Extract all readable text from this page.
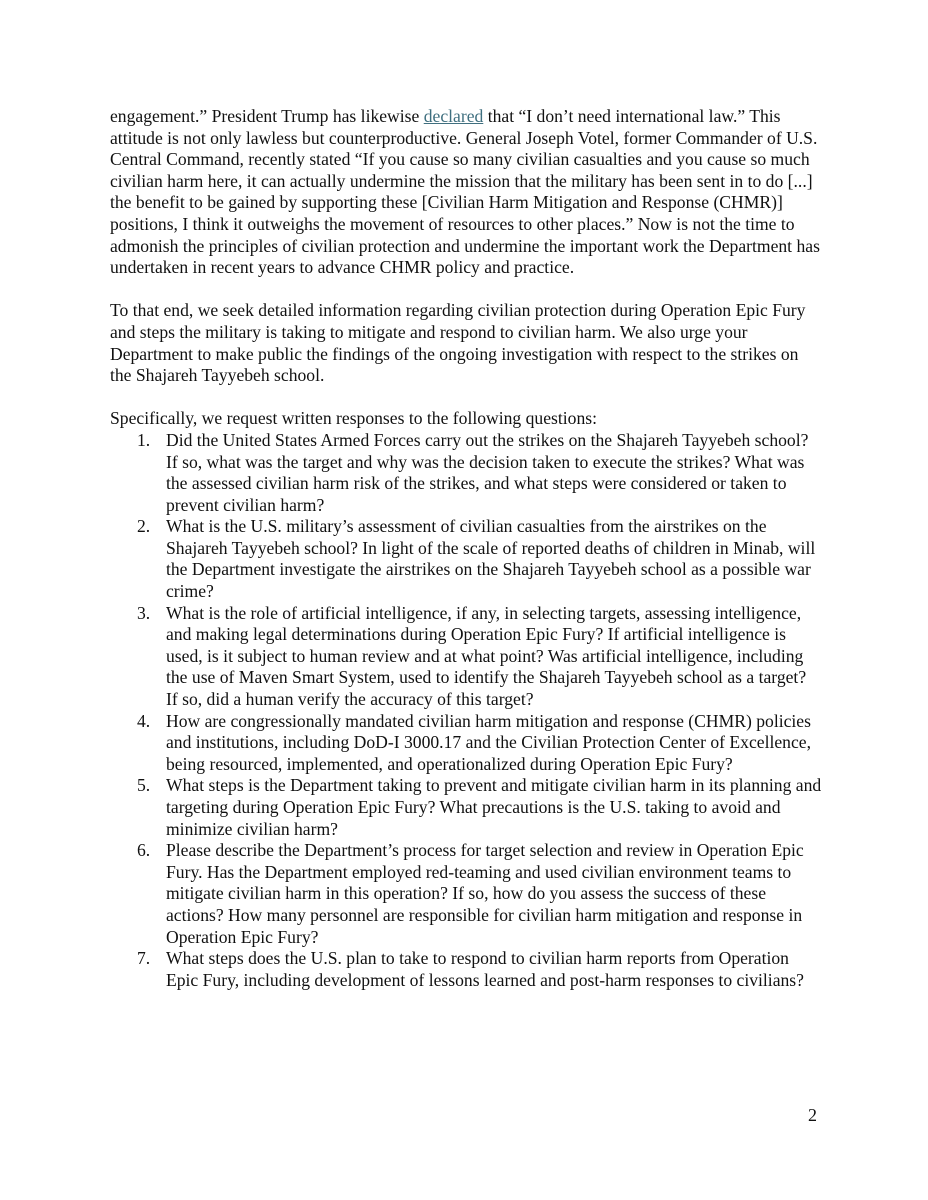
engagement.” President Trump has likewise declared that “I don’t need international law.” This attitude is not only lawless but counterproductive. General Joseph Votel, former Commander of U.S. Central Command, recently stated “If you cause so many civilian casualties and you cause so much civilian harm here, it can actually undermine the mission that the military has been sent in to do [...] the benefit to be gained by supporting these [Civilian Harm Mitigation and Response (CHMR)] positions, I think it outweighs the movement of resources to other places.” Now is not the time to admonish the principles of civilian protection and undermine the important work the Department has undertaken in recent years to advance CHMR policy and practice.

To that end, we seek detailed information regarding civilian protection during Operation Epic Fury and steps the military is taking to mitigate and respond to civilian harm. We also urge your Department to make public the findings of the ongoing investigation with respect to the strikes on the Shajareh Tayyebeh school.

Specifically, we request written responses to the following questions:

1. Did the United States Armed Forces carry out the strikes on the Shajareh Tayyebeh school? If so, what was the target and why was the decision taken to execute the strikes? What was the assessed civilian harm risk of the strikes, and what steps were considered or taken to prevent civilian harm?
2. What is the U.S. military’s assessment of civilian casualties from the airstrikes on the Shajareh Tayyebeh school? In light of the scale of reported deaths of children in Minab, will the Department investigate the airstrikes on the Shajareh Tayyebeh school as a possible war crime?
3. What is the role of artificial intelligence, if any, in selecting targets, assessing intelligence, and making legal determinations during Operation Epic Fury? If artificial intelligence is used, is it subject to human review and at what point? Was artificial intelligence, including the use of Maven Smart System, used to identify the Shajareh Tayyebeh school as a target? If so, did a human verify the accuracy of this target?
4. How are congressionally mandated civilian harm mitigation and response (CHMR) policies and institutions, including DoD-I 3000.17 and the Civilian Protection Center of Excellence, being resourced, implemented, and operationalized during Operation Epic Fury?
5. What steps is the Department taking to prevent and mitigate civilian harm in its planning and targeting during Operation Epic Fury? What precautions is the U.S. taking to avoid and minimize civilian harm?
6. Please describe the Department’s process for target selection and review in Operation Epic Fury. Has the Department employed red-teaming and used civilian environment teams to mitigate civilian harm in this operation? If so, how do you assess the success of these actions? How many personnel are responsible for civilian harm mitigation and response in Operation Epic Fury?
7. What steps does the U.S. plan to take to respond to civilian harm reports from Operation Epic Fury, including development of lessons learned and post-harm responses to civilians?
2
